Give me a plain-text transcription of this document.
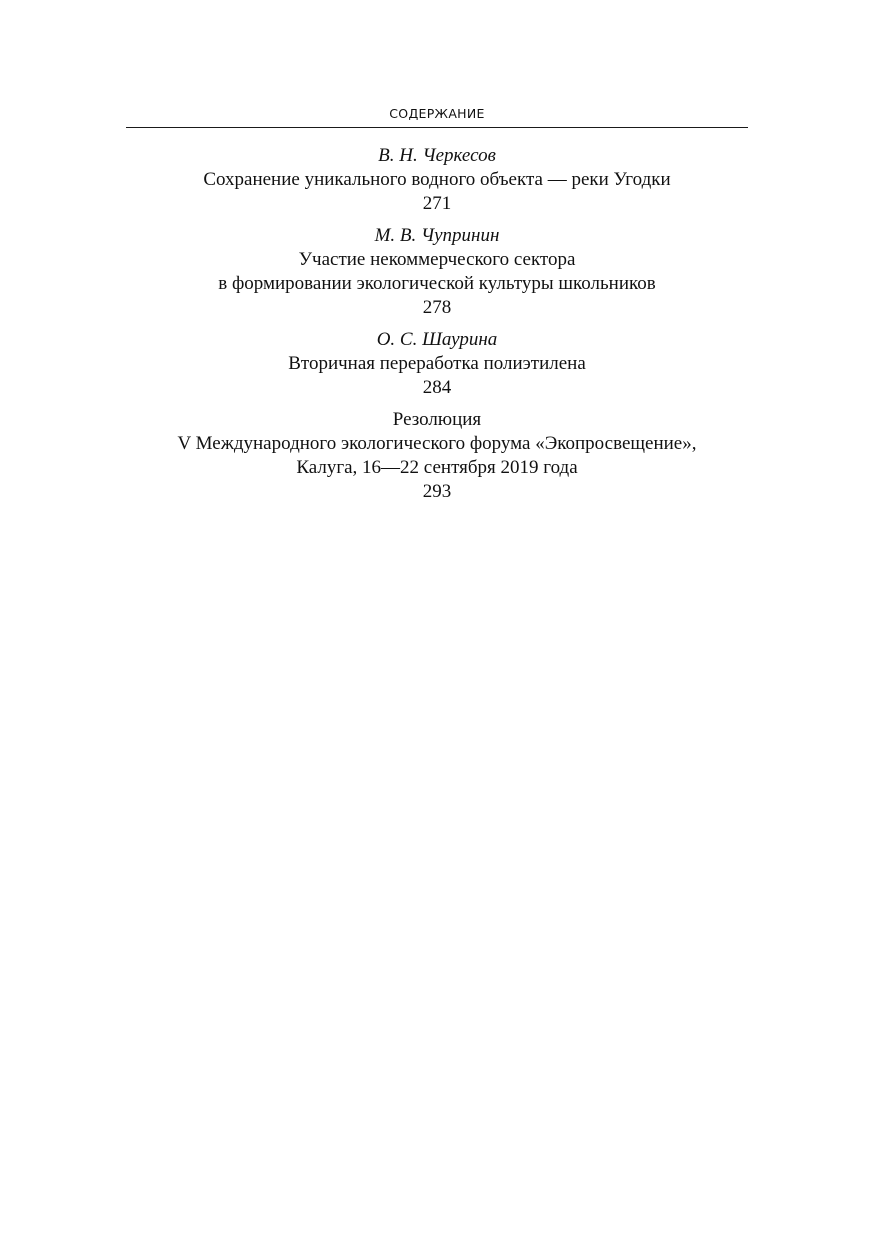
СОДЕРЖАНИЕ
В. Н. Черкесов
Сохранение уникального водного объекта — реки Угодки
271
М. В. Чупринин
Участие некоммерческого сектора
в формировании экологической культуры школьников
278
О. С. Шаурина
Вторичная переработка полиэтилена
284
Резолюция
V Международного экологического форума «Экопросвещение»,
Калуга, 16—22 сентября 2019 года
293
